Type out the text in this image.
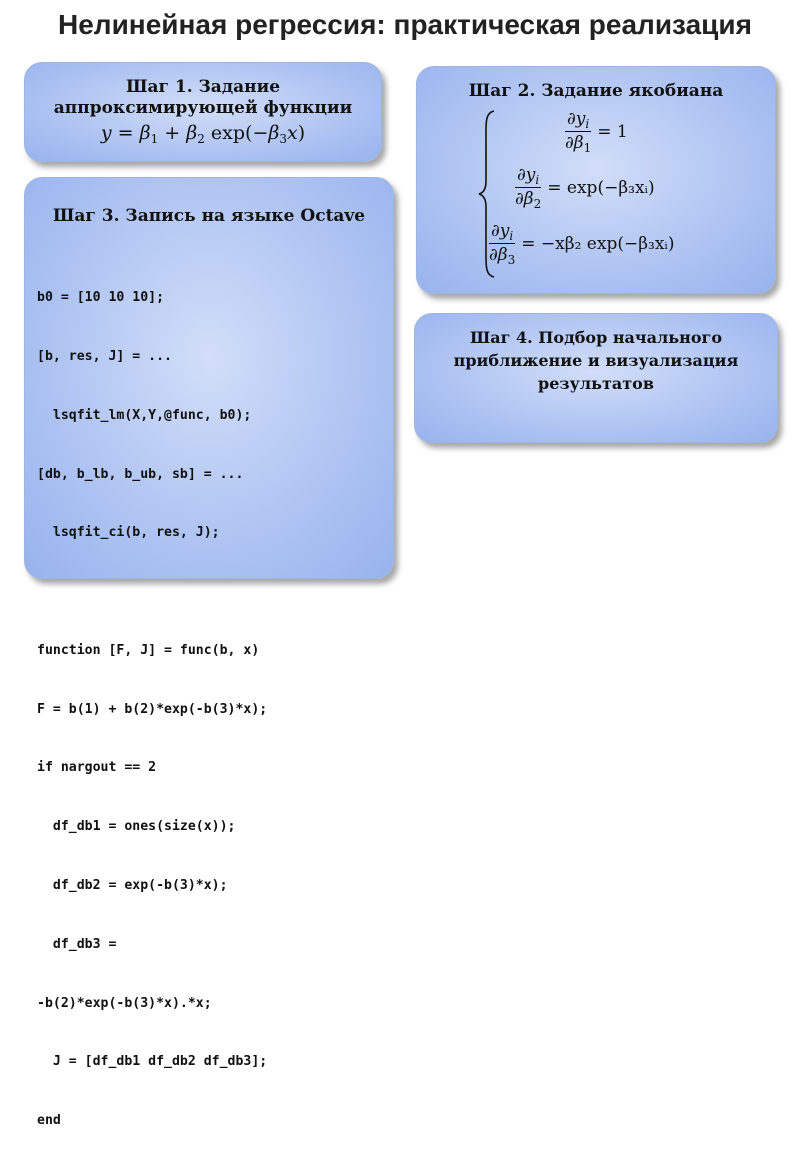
Нелинейная регрессия: практическая реализация
Шаг 1. Задание
аппроксимирующей функции
$y = \beta_1 + \beta_2$ $\exp(-\beta_3x)$
Шаг 2. Задание якобиана
$\frac{\partial y_i}{\partial\beta_1} = 1$
$\frac{\partial y_i}{\partial\beta_2}$ = exp(−β₃xᵢ)
$\frac{\partial y_i}{\partial\beta_3} = -x\beta_2$ exp(−β₃xᵢ)
Шаг 3. Запись на языке Octave

b0 = [10 10 10];

[b, res, J] = ...

lsqfit_lm(X,Y,@func, b0);

[db, b_lb, b_ub, sb] = ...

lsqfit_ci(b, res, J);

function [F, J] = func(b, x)

F = b(1) + b(2)*exp(-b(3)*x);

if nargout == 2

df_db1 = ones(size(x));

df_db2 = exp(-b(3)*x);

df_db3 =

-b(2)*exp(-b(3)*x).*x;

J = [df_db1 df_db2 df_db3];

end

Шаг 4. Подбор начального
приближение и визуализация
результатов
